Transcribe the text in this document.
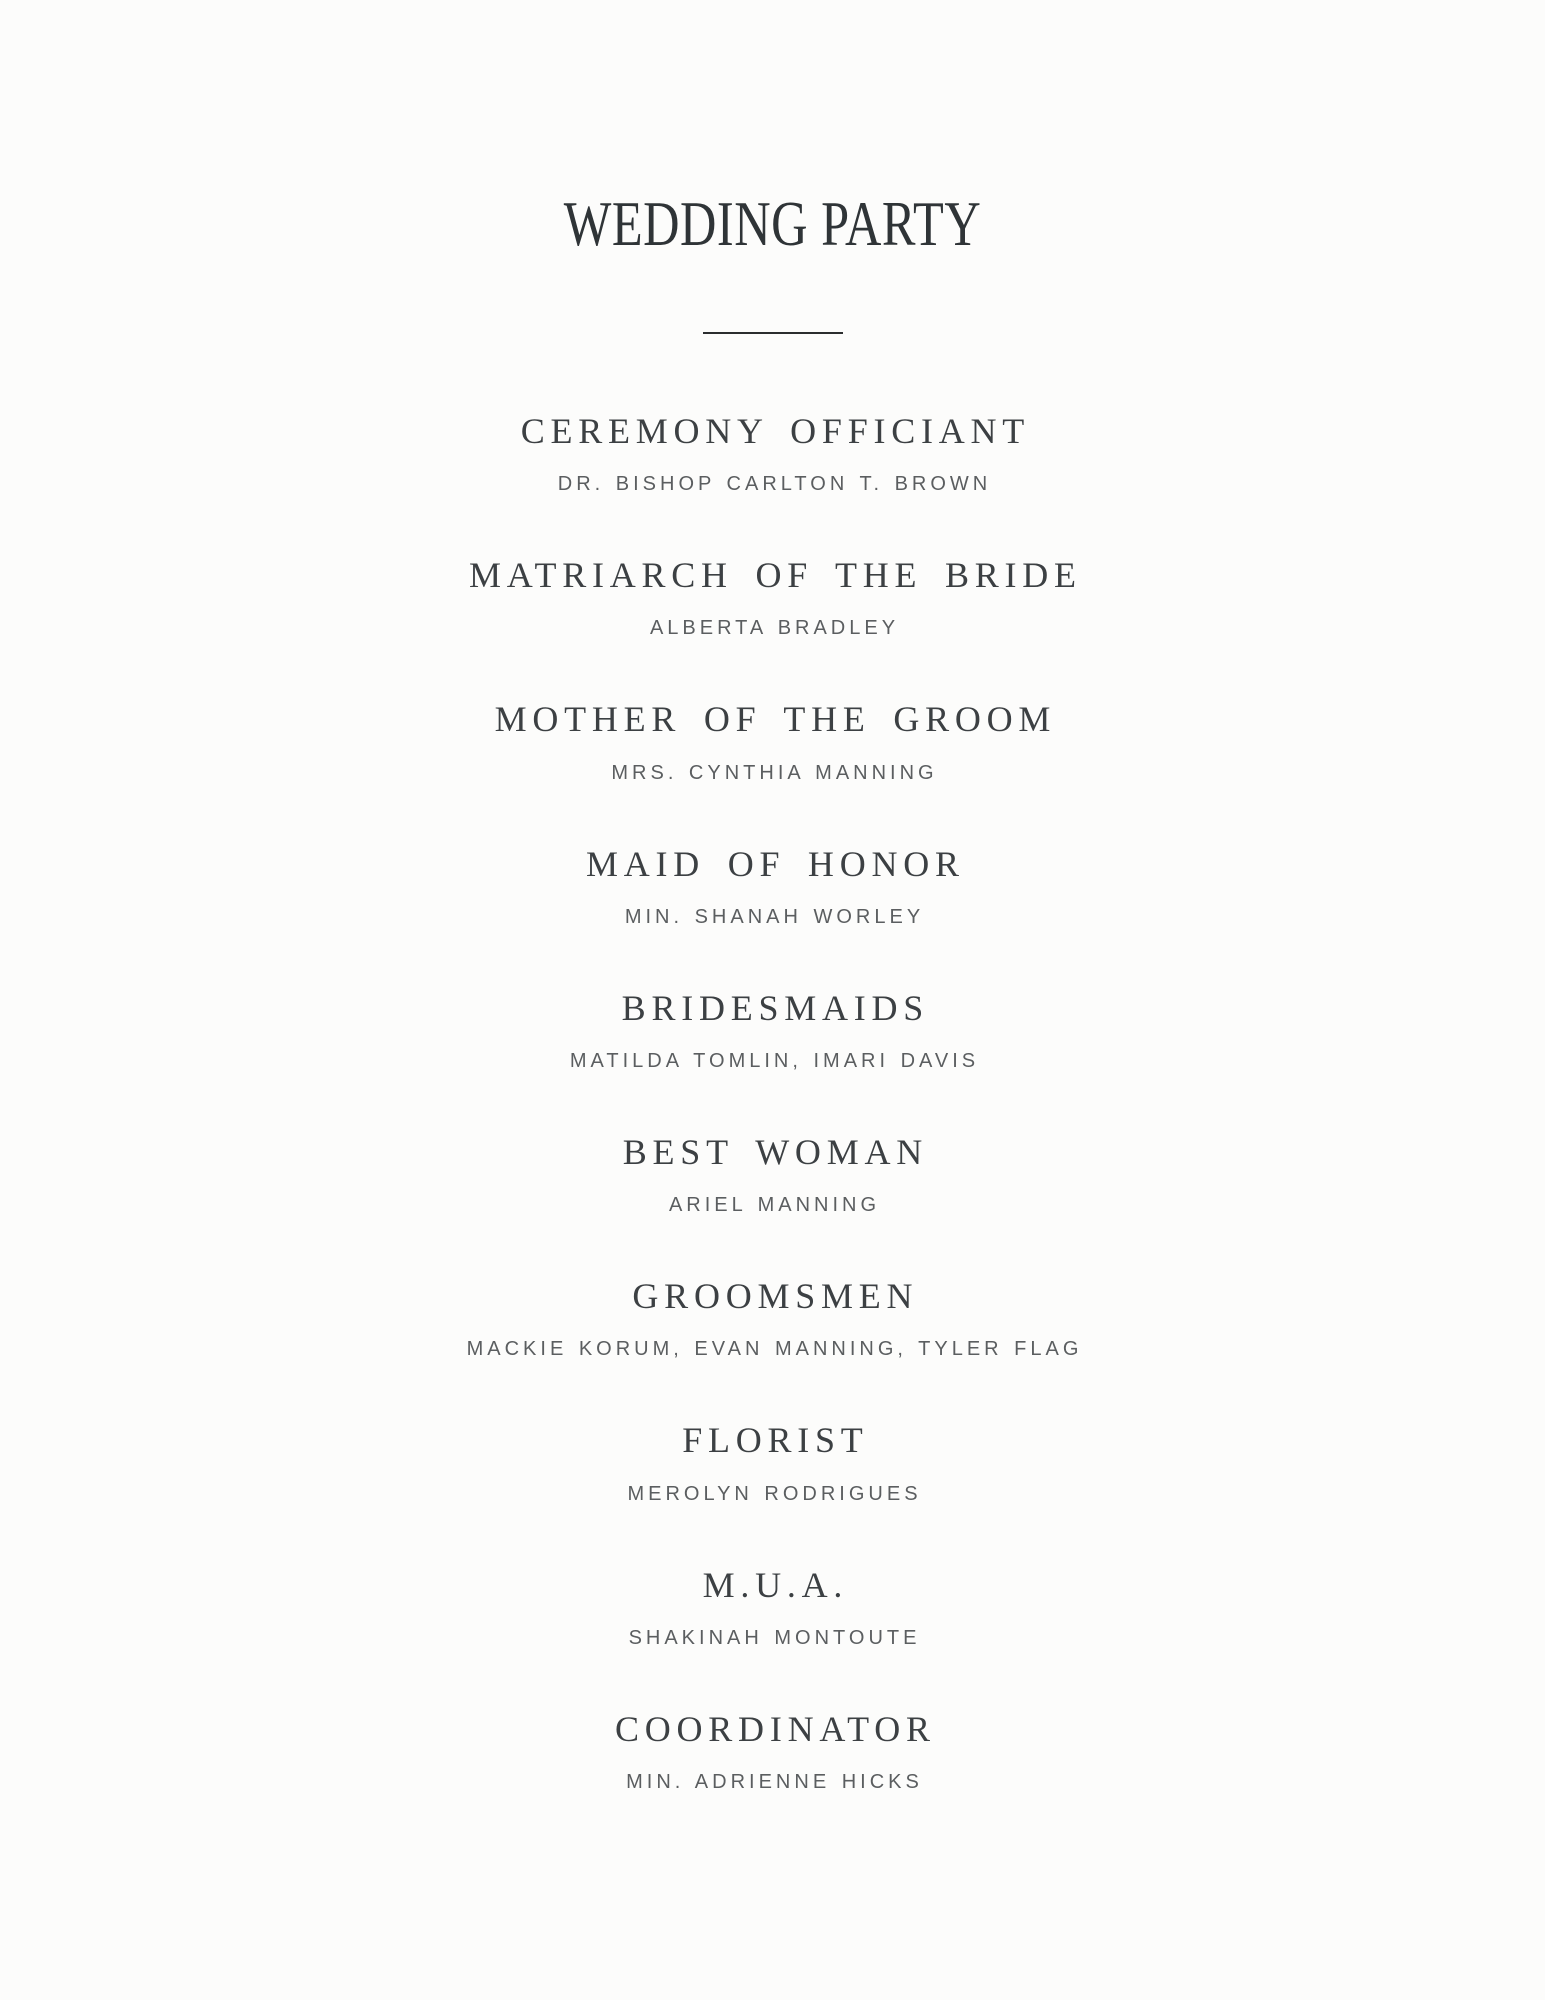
WEDDING PARTY
CEREMONY OFFICIANT
DR. BISHOP CARLTON T. BROWN
MATRIARCH OF THE BRIDE
ALBERTA BRADLEY
MOTHER OF THE GROOM
MRS. CYNTHIA MANNING
MAID OF HONOR
MIN. SHANAH WORLEY
BRIDESMAIDS
MATILDA TOMLIN, IMARI DAVIS
BEST WOMAN
ARIEL MANNING
GROOMSMEN
MACKIE KORUM, EVAN MANNING, TYLER FLAG
FLORIST
MEROLYN RODRIGUES
M.U.A.
SHAKINAH MONTOUTE
COORDINATOR
MIN. ADRIENNE HICKS
